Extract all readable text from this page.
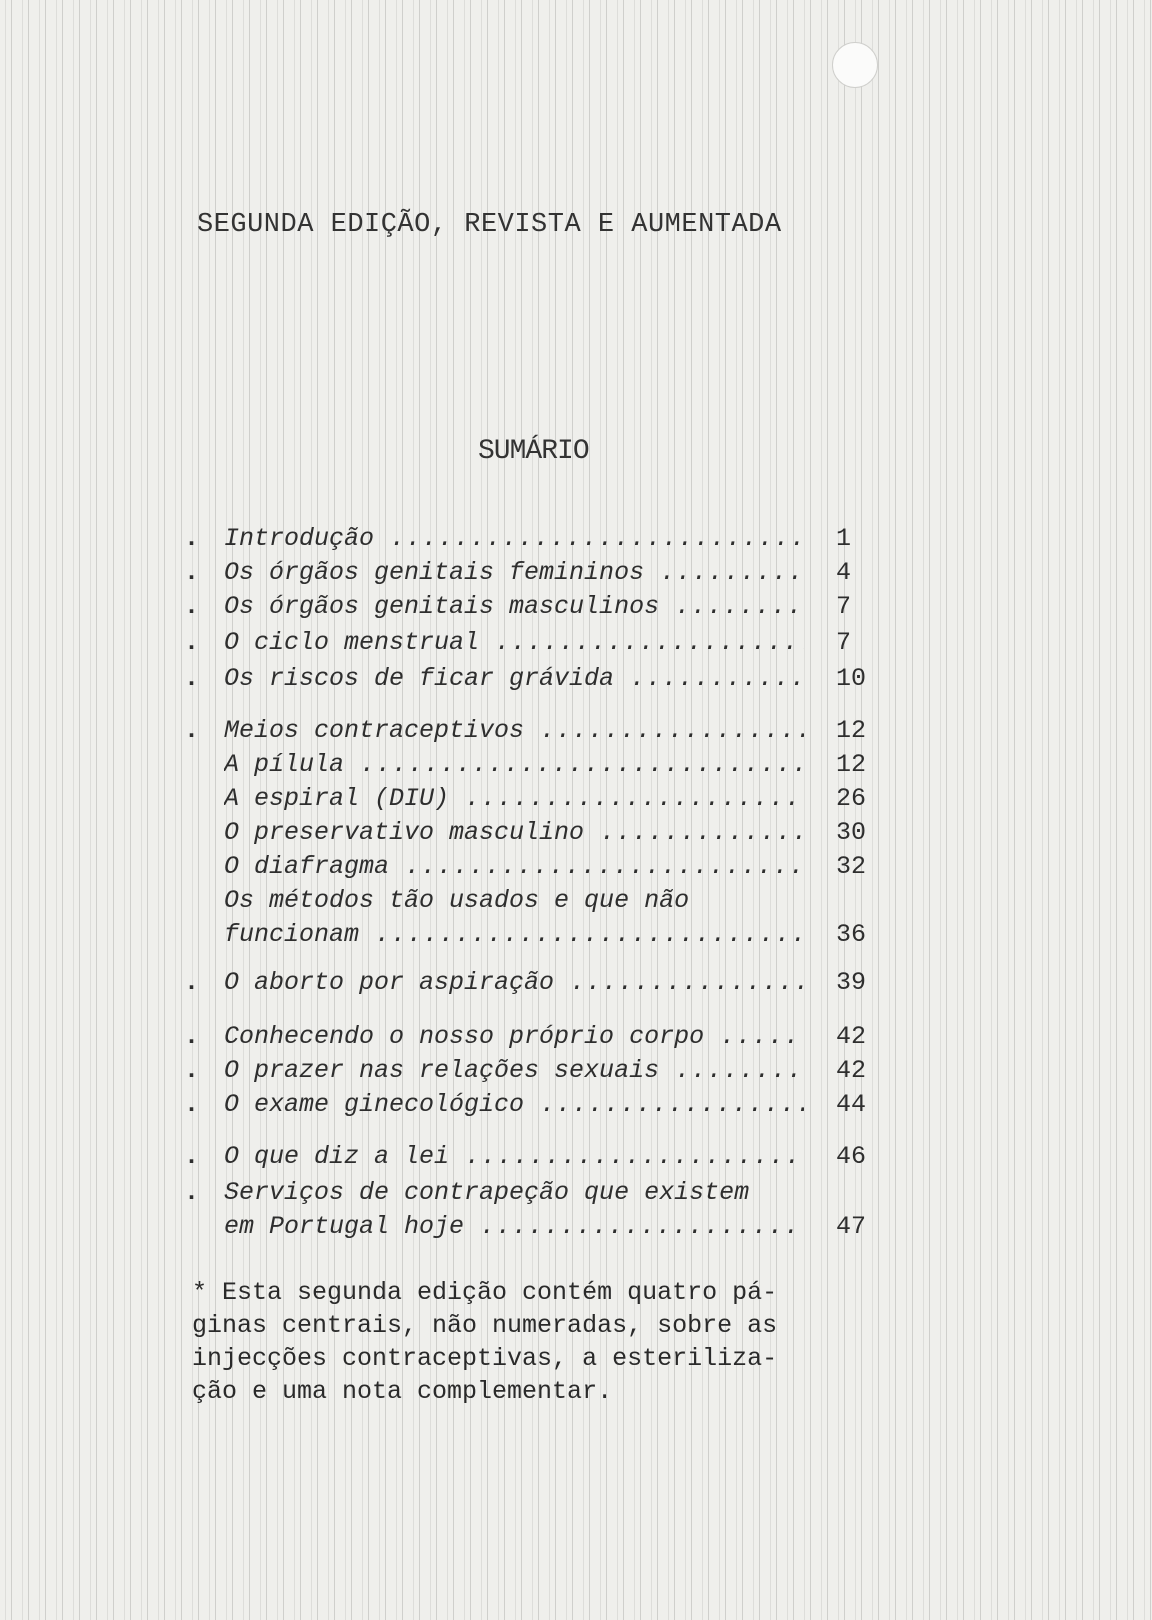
SEGUNDA EDIÇÃO, REVISTA E AUMENTADA
SUMÁRIO
. Introdução .....	1
. Os órgãos genitais femininos .....	4
. Os órgãos genitais masculinos .....	7
. O ciclo menstrual .....	7
. Os riscos de ficar grávida .....	10
. Meios contraceptivos .....	12
A pílula .....	12
A espiral (DIU) .....	26
O preservativo masculino .....	30
O diafragma .....	32
Os métodos tão usados e que não
funcionam .....	36
. O aborto por aspiração .....	39
. Conhecendo o nosso próprio corpo .....	42
. O prazer nas relações sexuais .....	42
. O exame ginecológico .....	44
. O que diz a lei .....	46
. Serviços de contrapeção que existem
em Portugal hoje .....	47
* Esta segunda edição contém quatro pá-
ginas centrais, não numeradas, sobre as
injecções contraceptivas, a esteriliza-
ção e uma nota complementar.
